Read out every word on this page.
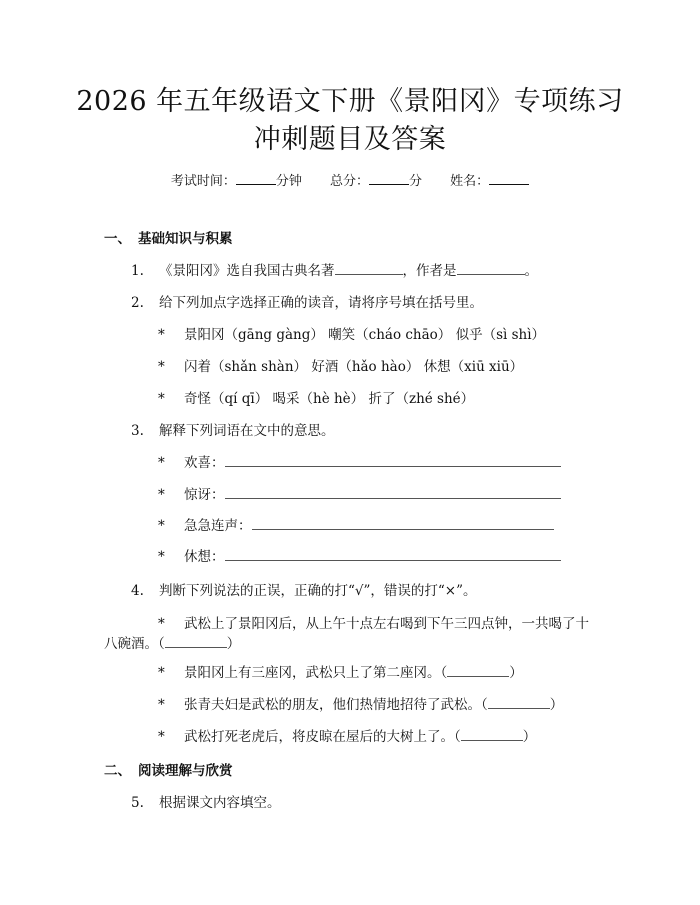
2026 年五年级语文下册《景阳冈》专项练习
冲刺题目及答案
考试时间：	分钟 总分：	分 姓名：
一、 基础知识与积累
1. 《景阳冈》选自我国古典名著	，作者是	。
2. 给下列加点字选择正确的读音，请将序号填在括号里。
* 景阳冈（gāng gàng） 嘲笑（cháo chāo） 似乎（sì shì）
* 闪着（shǎn shàn） 好酒（hǎo hào） 休想（xiū xiū）
* 奇怪（qí qī） 喝采（hè hè） 折了（zhé shé）
3. 解释下列词语在文中的意思。
* 欢喜：
* 惊讶：
* 急急连声：
* 休想：
4. 判断下列说法的正误，正确的打“√”，错误的打“×”。
* 武松上了景阳冈后，从上午十点左右喝到下午三四点钟，一共喝了十
八碗酒。（	）
* 景阳冈上有三座冈，武松只上了第二座冈。（	）
* 张青夫妇是武松的朋友，他们热情地招待了武松。（	）
* 武松打死老虎后，将皮晾在屋后的大树上了。（	）
二、 阅读理解与欣赏
5. 根据课文内容填空。
